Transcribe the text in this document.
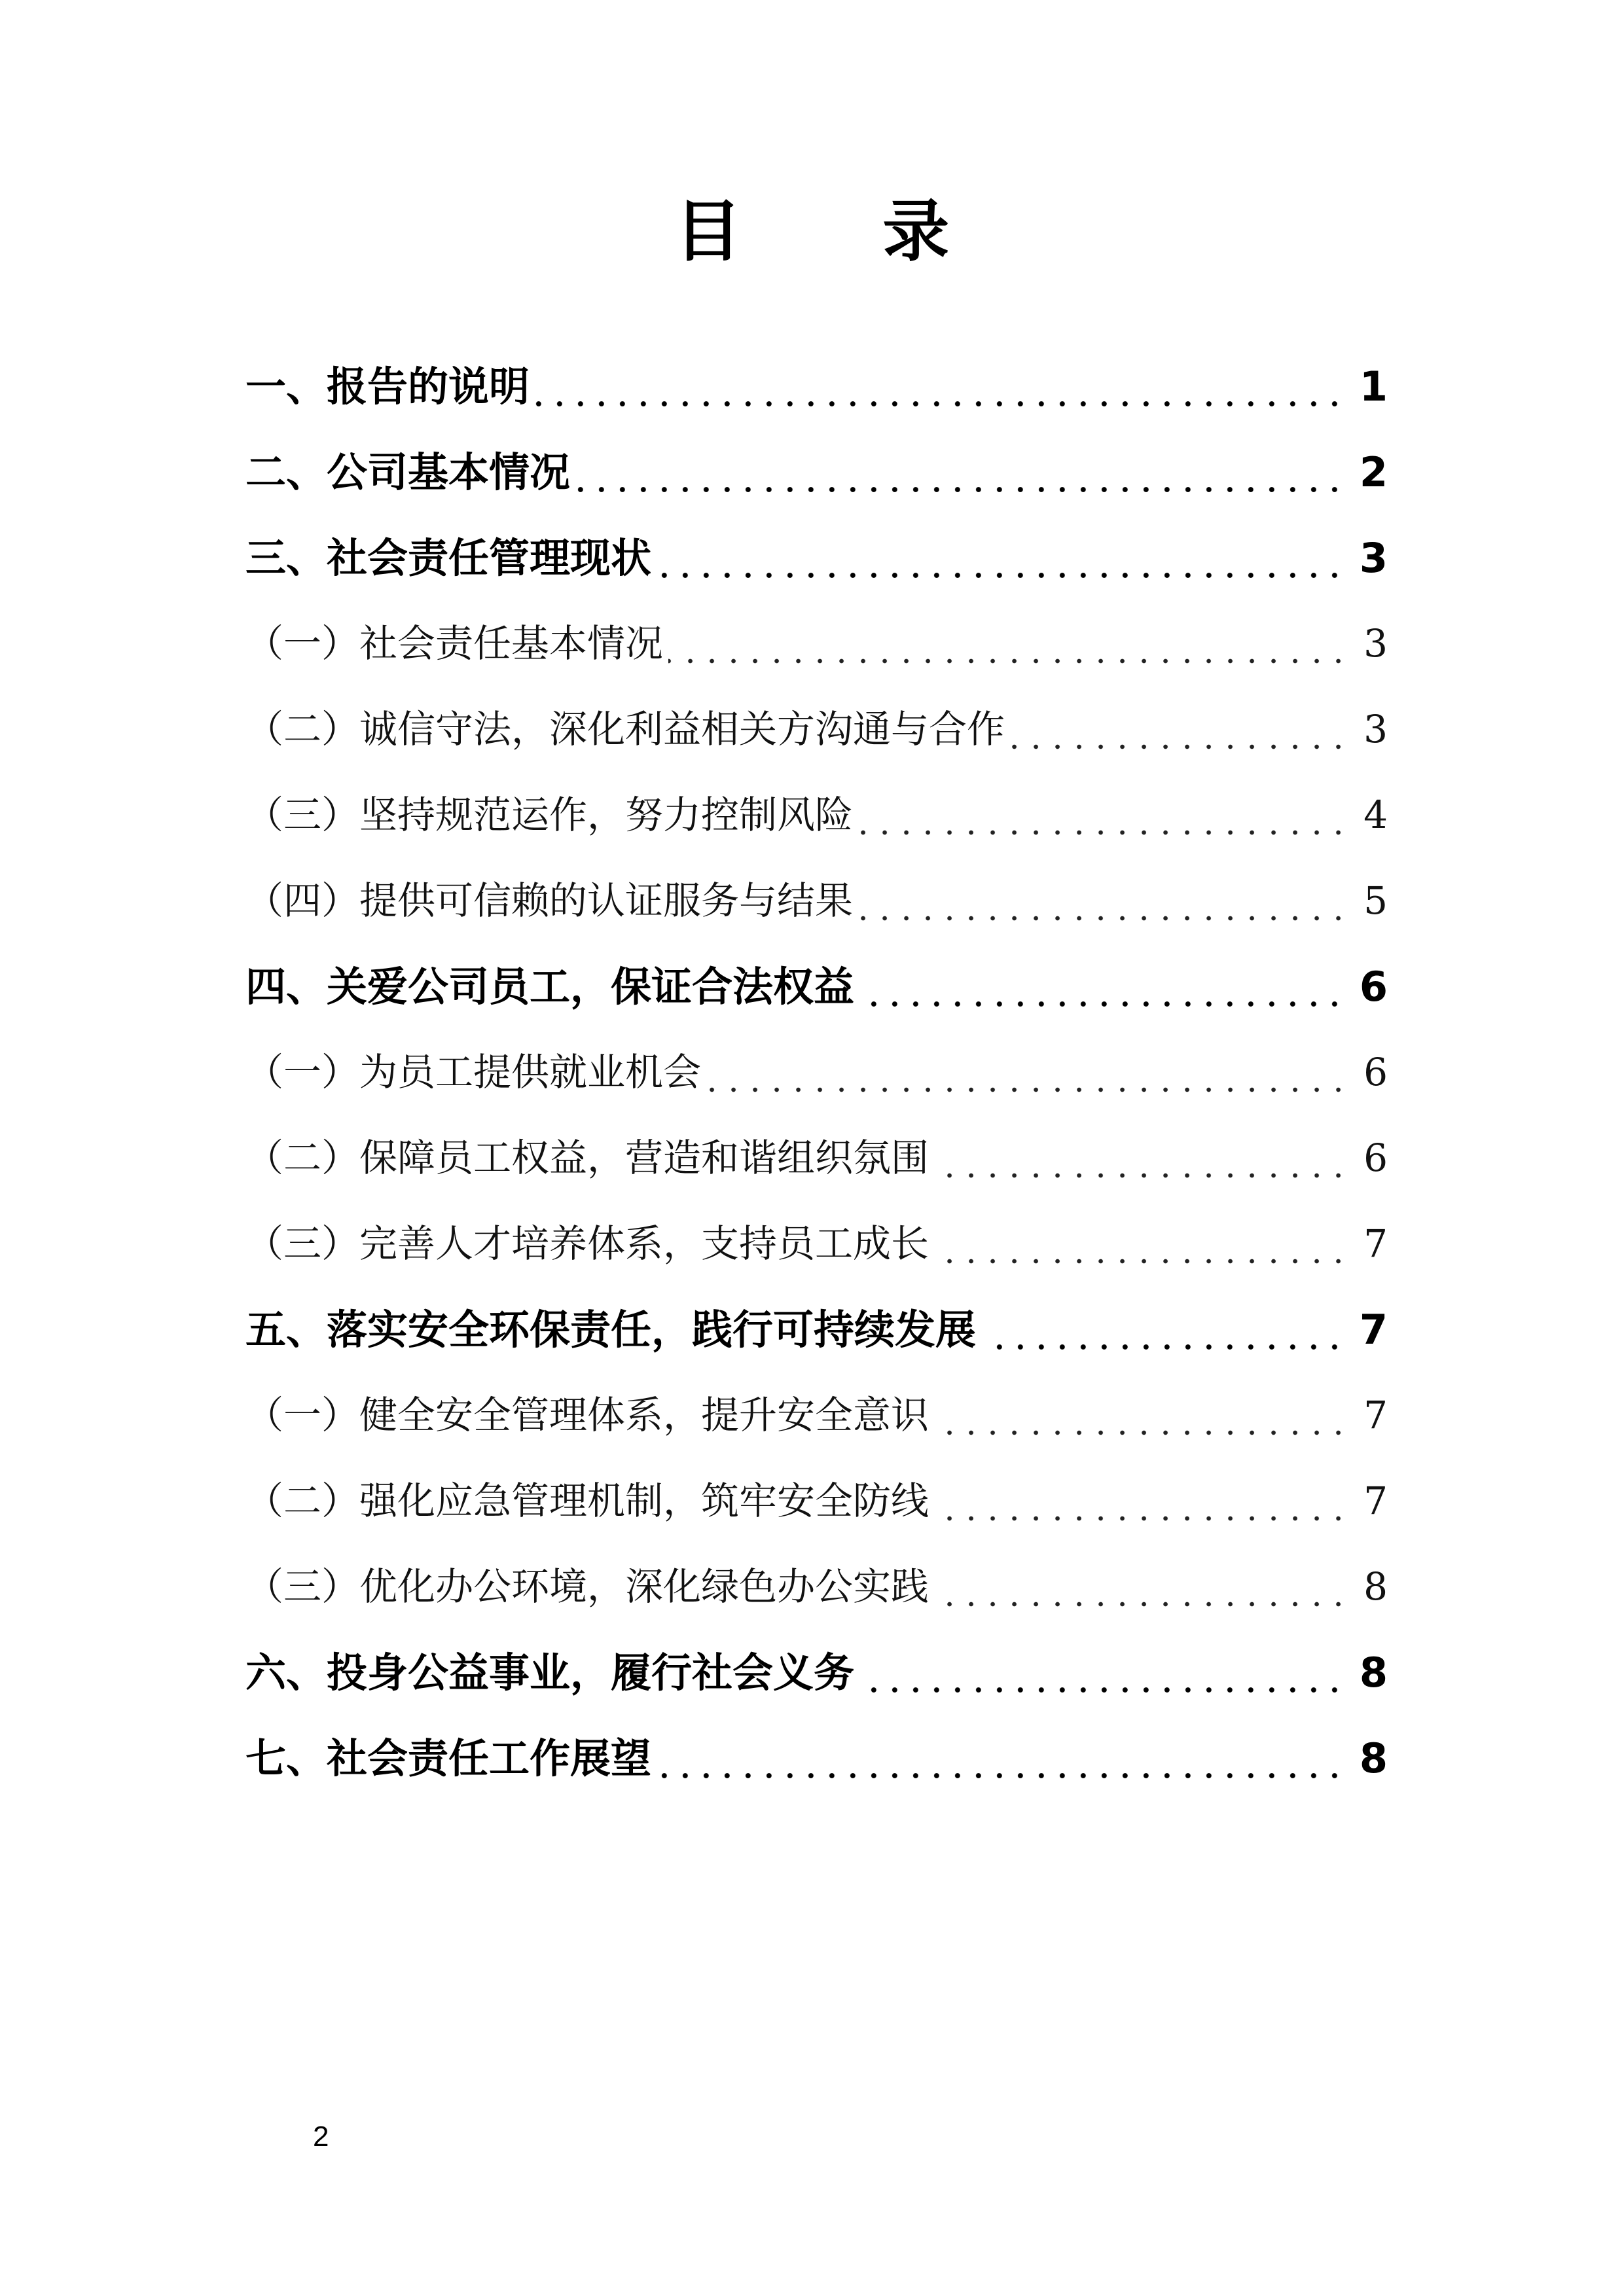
目 录
一、报告的说明	1
二、公司基本情况	2
三、社会责任管理现状	3
（一）社会责任基本情况	3
（二）诚信守法，深化利益相关方沟通与合作	3
（三）坚持规范运作，努力控制风险	4
（四）提供可信赖的认证服务与结果	5
四、关爱公司员工，保证合法权益	6
（一）为员工提供就业机会	6
（二）保障员工权益，营造和谐组织氛围	6
（三）完善人才培养体系，支持员工成长	7
五、落实安全环保责任，践行可持续发展	7
（一）健全安全管理体系，提升安全意识	7
（二）强化应急管理机制，筑牢安全防线	7
（三）优化办公环境，深化绿色办公实践	8
六、投身公益事业，履行社会义务	8
七、社会责任工作展望	8
2
